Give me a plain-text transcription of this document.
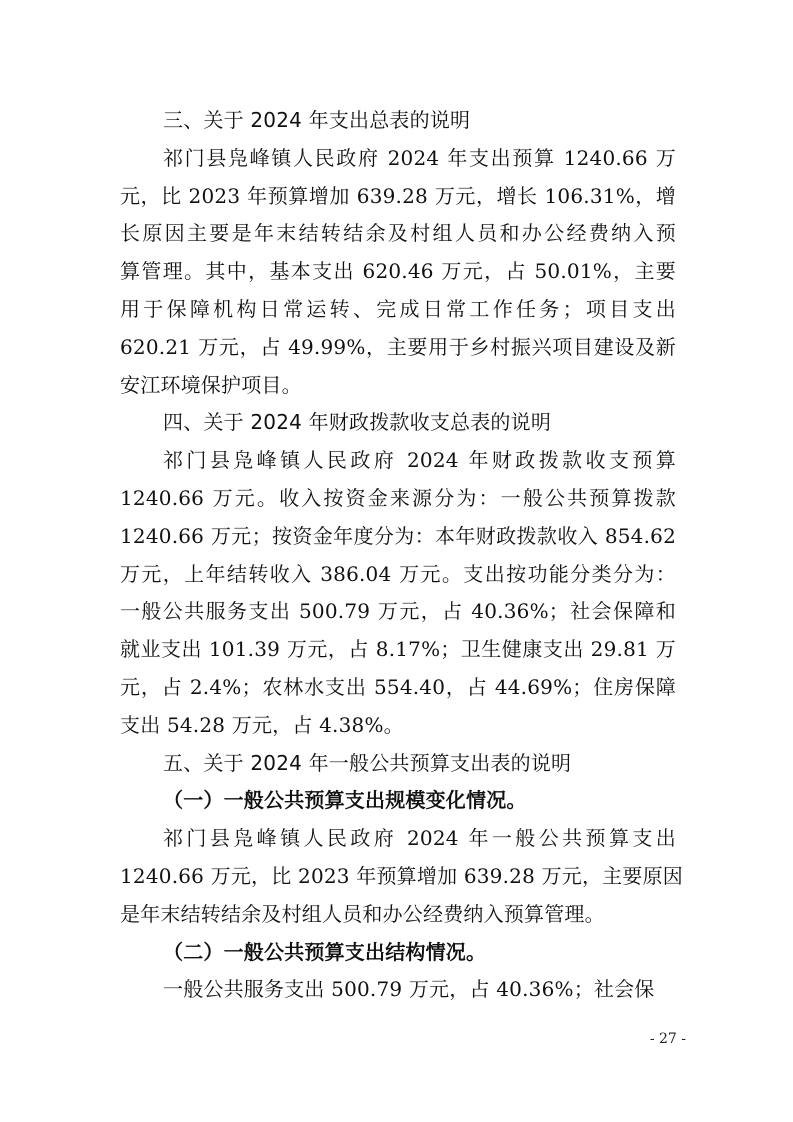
三、关于 2024 年支出总表的说明
祁门县凫峰镇人民政府 2024 年支出预算 1240.66 万
元，比 2023 年预算增加 639.28 万元，增长 106.31%，增
长原因主要是年末结转结余及村组人员和办公经费纳入预
算管理。其中，基本支出 620.46 万元，占 50.01%，主要
用于保障机构日常运转、完成日常工作任务；项目支出
620.21 万元，占 49.99%，主要用于乡村振兴项目建设及新
安江环境保护项目。
四、关于 2024 年财政拨款收支总表的说明
祁门县凫峰镇人民政府 2024 年财政拨款收支预算
1240.66 万元。收入按资金来源分为：一般公共预算拨款
1240.66 万元；按资金年度分为：本年财政拨款收入 854.62
万元，上年结转收入 386.04 万元。支出按功能分类分为：
一般公共服务支出 500.79 万元，占 40.36%；社会保障和
就业支出 101.39 万元，占 8.17%；卫生健康支出 29.81 万
元，占 2.4%；农林水支出 554.40，占 44.69%；住房保障
支出 54.28 万元，占 4.38%。
五、关于 2024 年一般公共预算支出表的说明
（一）一般公共预算支出规模变化情况。
祁门县凫峰镇人民政府 2024 年一般公共预算支出
1240.66 万元，比 2023 年预算增加 639.28 万元，主要原因
是年末结转结余及村组人员和办公经费纳入预算管理。
- 27 -
（二）一般公共预算支出结构情况。
一般公共服务支出 500.79 万元，占 40.36%；社会保
